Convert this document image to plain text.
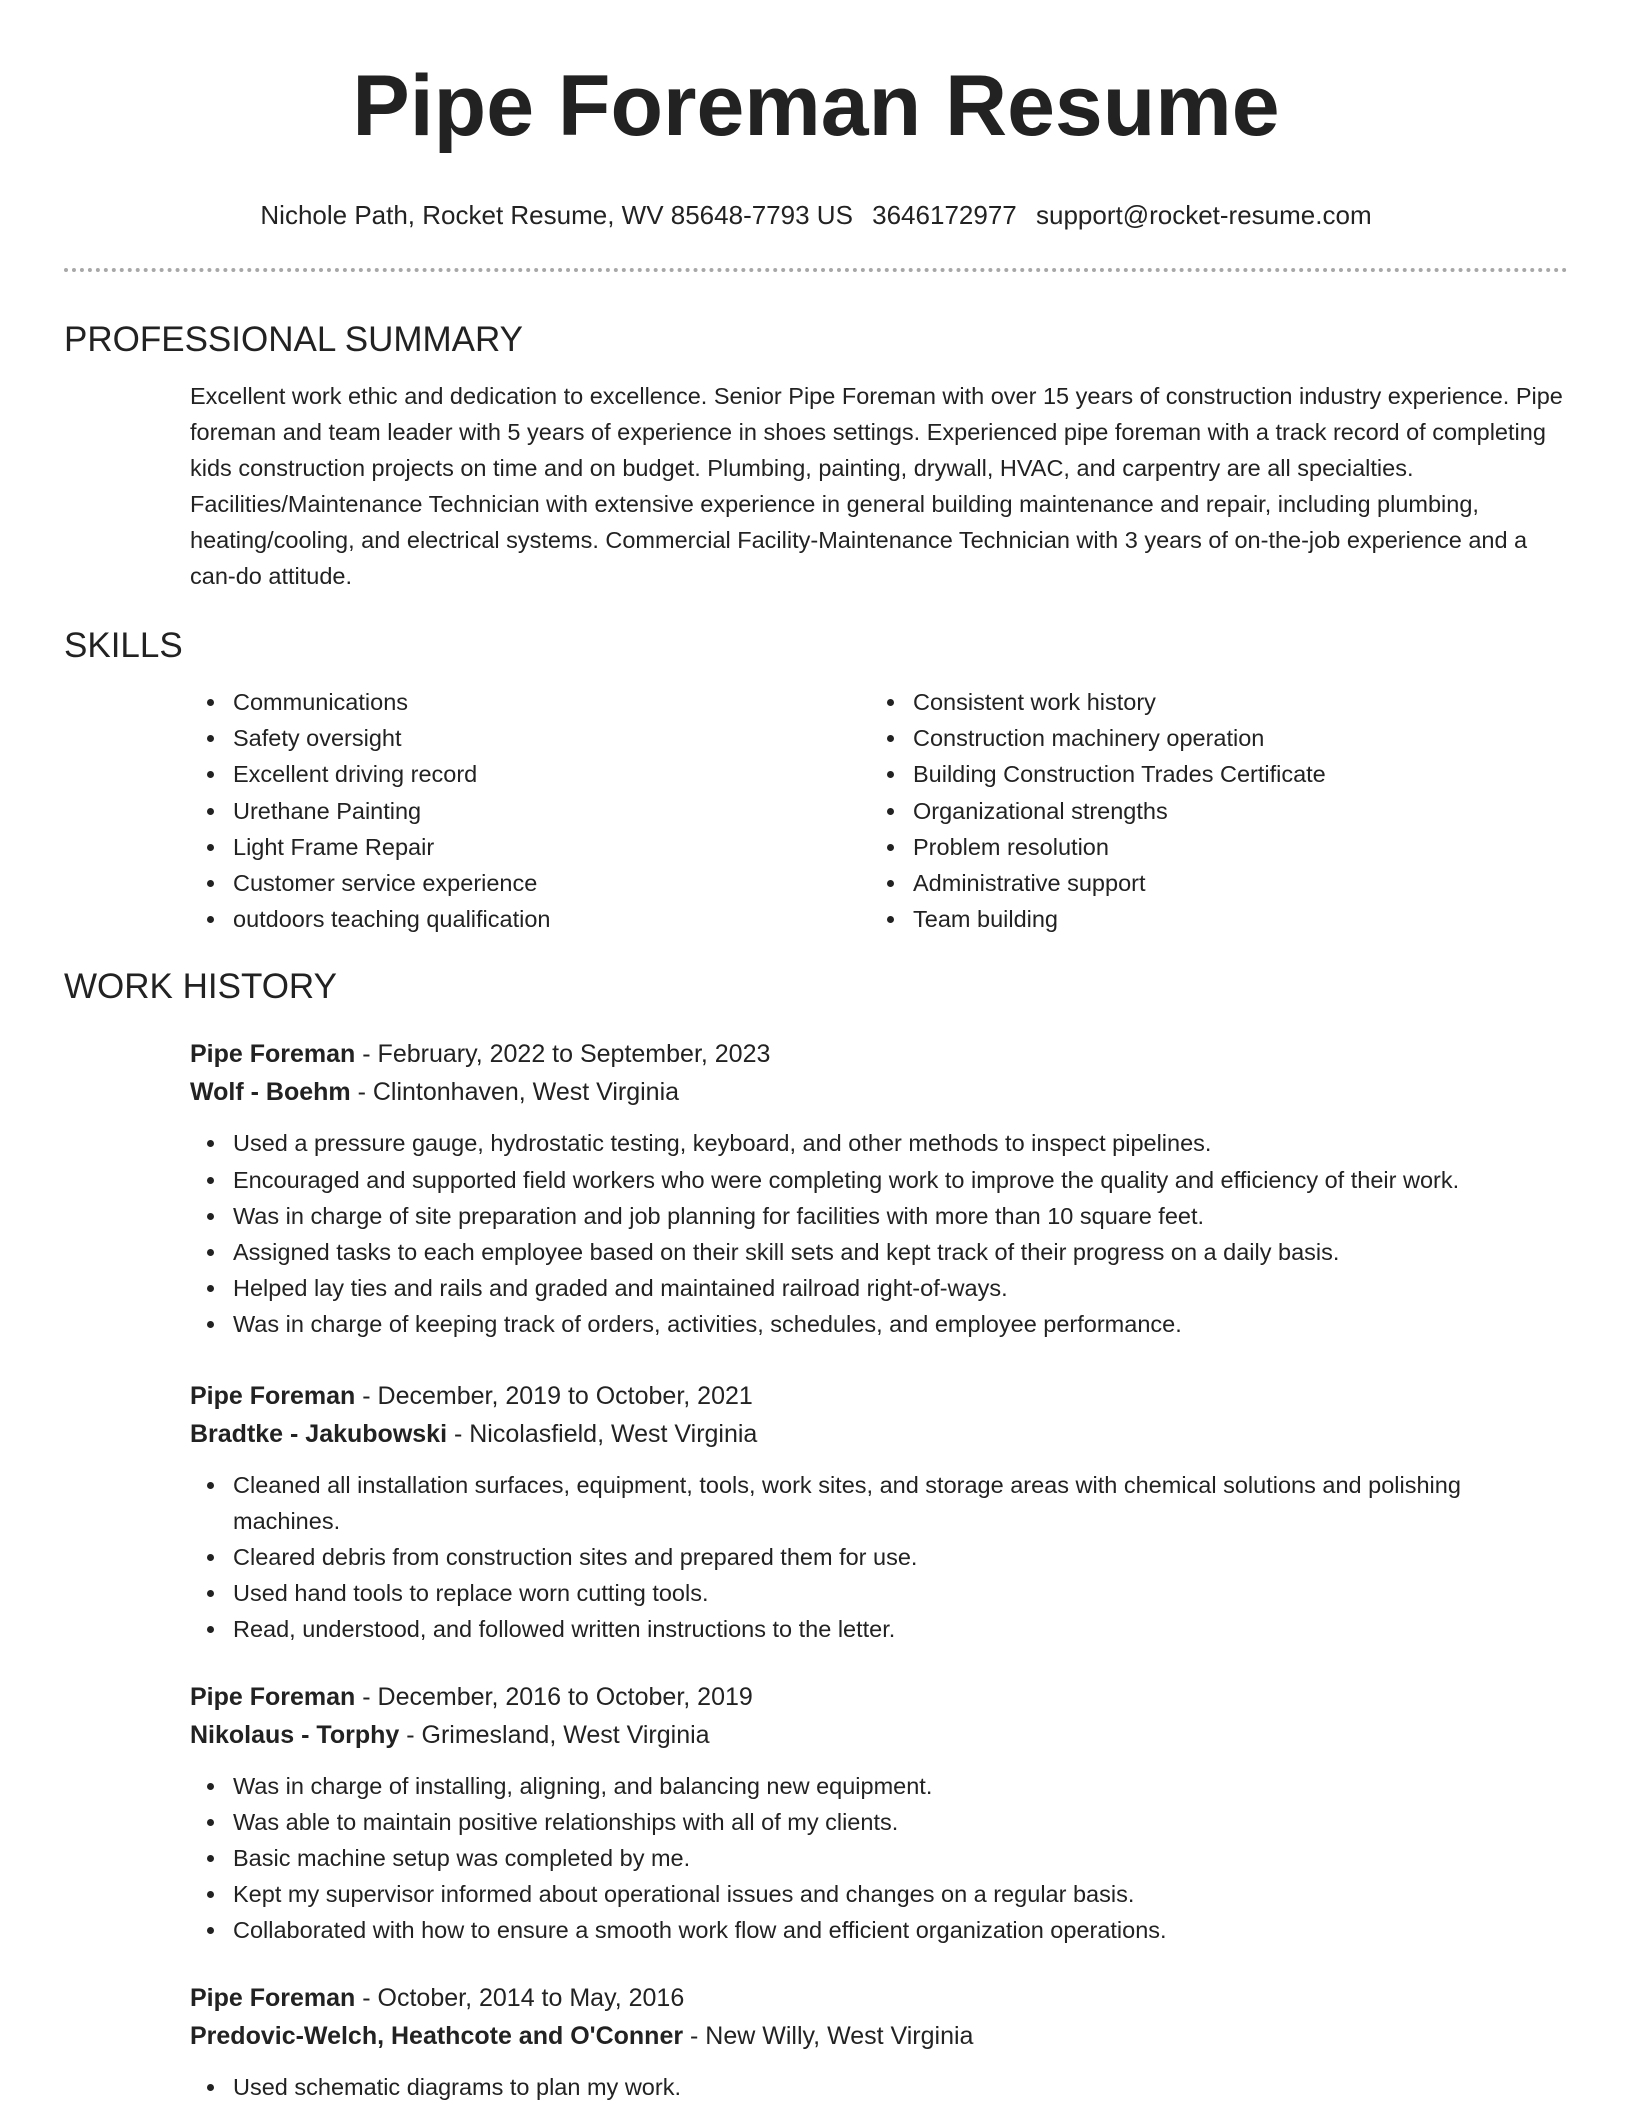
Pipe Foreman Resume
Nichole Path, Rocket Resume, WV 85648-7793 US 3646172977 support@rocket-resume.com
PROFESSIONAL SUMMARY

Excellent work ethic and dedication to excellence. Senior Pipe Foreman with over 15 years of construction industry experience. Pipe foreman and team leader with 5 years of experience in shoes settings. Experienced pipe foreman with a track record of completing kids construction projects on time and on budget. Plumbing, painting, drywall, HVAC, and carpentry are all specialties. Facilities/Maintenance Technician with extensive experience in general building maintenance and repair, including plumbing, heating/cooling, and electrical systems. Commercial Facility-Maintenance Technician with 3 years of on-the-job experience and a can-do attitude.

SKILLS
Communications
Safety oversight
Excellent driving record
Urethane Painting
Light Frame Repair
Customer service experience
outdoors teaching qualification
Consistent work history
Construction machinery operation
Building Construction Trades Certificate
Organizational strengths
Problem resolution
Administrative support
Team building
WORK HISTORY
Pipe Foreman - February, 2022 to September, 2023
Wolf - Boehm - Clintonhaven, West Virginia
Used a pressure gauge, hydrostatic testing, keyboard, and other methods to inspect pipelines.
Encouraged and supported field workers who were completing work to improve the quality and efficiency of their work.
Was in charge of site preparation and job planning for facilities with more than 10 square feet.
Assigned tasks to each employee based on their skill sets and kept track of their progress on a daily basis.
Helped lay ties and rails and graded and maintained railroad right-of-ways.
Was in charge of keeping track of orders, activities, schedules, and employee performance.
Pipe Foreman - December, 2019 to October, 2021
Bradtke - Jakubowski - Nicolasfield, West Virginia
Cleaned all installation surfaces, equipment, tools, work sites, and storage areas with chemical solutions and polishing machines.
Cleared debris from construction sites and prepared them for use.
Used hand tools to replace worn cutting tools.
Read, understood, and followed written instructions to the letter.
Pipe Foreman - December, 2016 to October, 2019
Nikolaus - Torphy - Grimesland, West Virginia
Was in charge of installing, aligning, and balancing new equipment.
Was able to maintain positive relationships with all of my clients.
Basic machine setup was completed by me.
Kept my supervisor informed about operational issues and changes on a regular basis.
Collaborated with how to ensure a smooth work flow and efficient organization operations.
Pipe Foreman - October, 2014 to May, 2016
Predovic-Welch, Heathcote and O'Conner - New Willy, West Virginia
Used schematic diagrams to plan my work.
